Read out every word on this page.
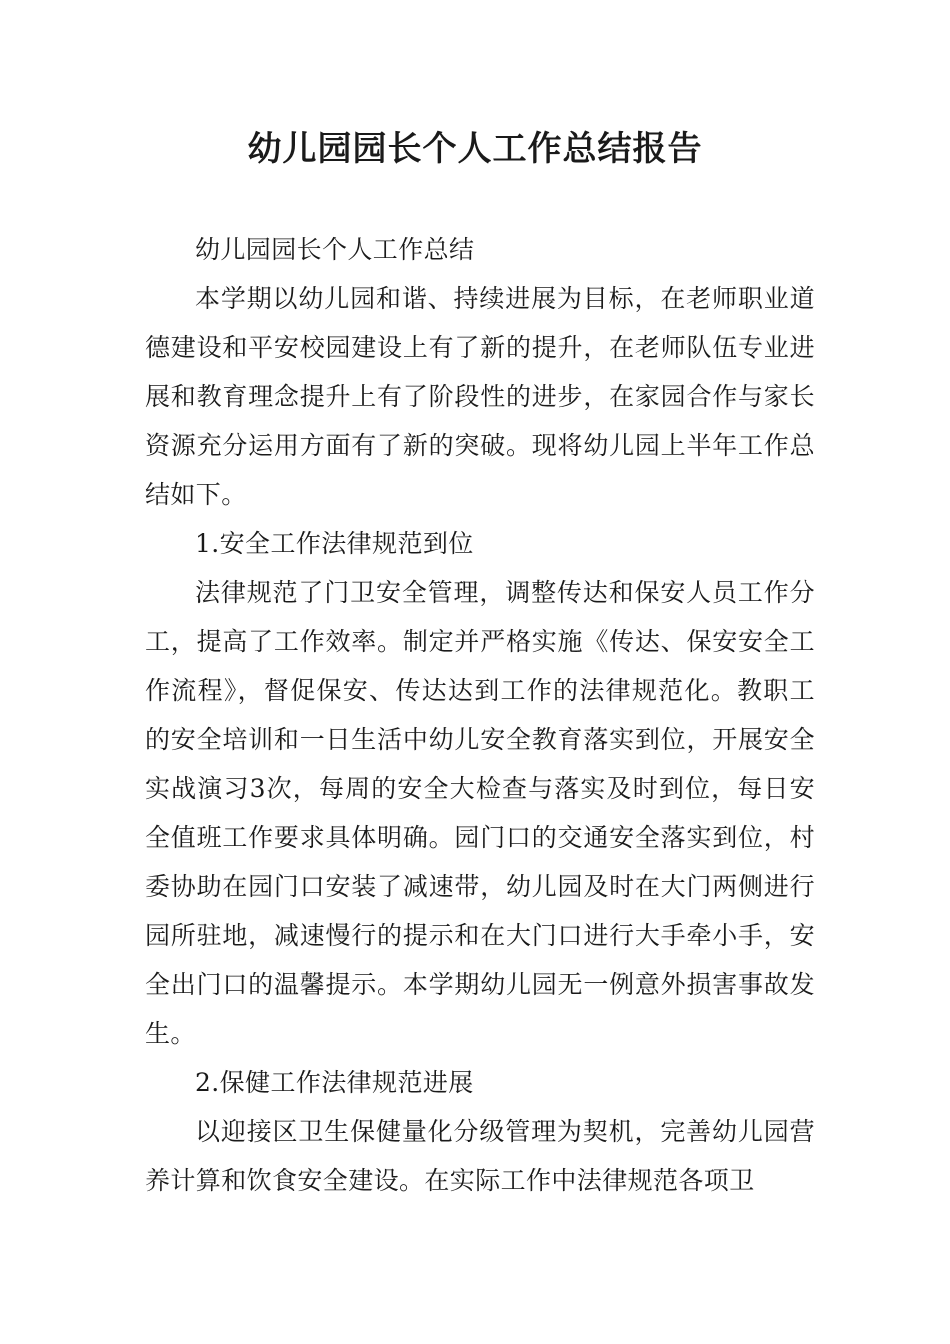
幼儿园园长个人工作总结报告

幼儿园园长个人工作总结

本学期以幼儿园和谐、持续进展为目标，在老师职业道德建设和平安校园建设上有了新的提升，在老师队伍专业进展和教育理念提升上有了阶段性的进步，在家园合作与家长资源充分运用方面有了新的突破。现将幼儿园上半年工作总结如下。

1.安全工作法律规范到位

法律规范了门卫安全管理，调整传达和保安人员工作分工，提高了工作效率。制定并严格实施《传达、保安安全工作流程》，督促保安、传达达到工作的法律规范化。教职工的安全培训和一日生活中幼儿安全教育落实到位，开展安全实战演习3次，每周的安全大检查与落实及时到位，每日安全值班工作要求具体明确。园门口的交通安全落实到位，村委协助在园门口安装了减速带，幼儿园及时在大门两侧进行园所驻地，减速慢行的提示和在大门口进行大手牵小手，安全出门口的温馨提示。本学期幼儿园无一例意外损害事故发生。

2.保健工作法律规范进展

以迎接区卫生保健量化分级管理为契机，完善幼儿园营养计算和饮食安全建设。在实际工作中法律规范各项卫
